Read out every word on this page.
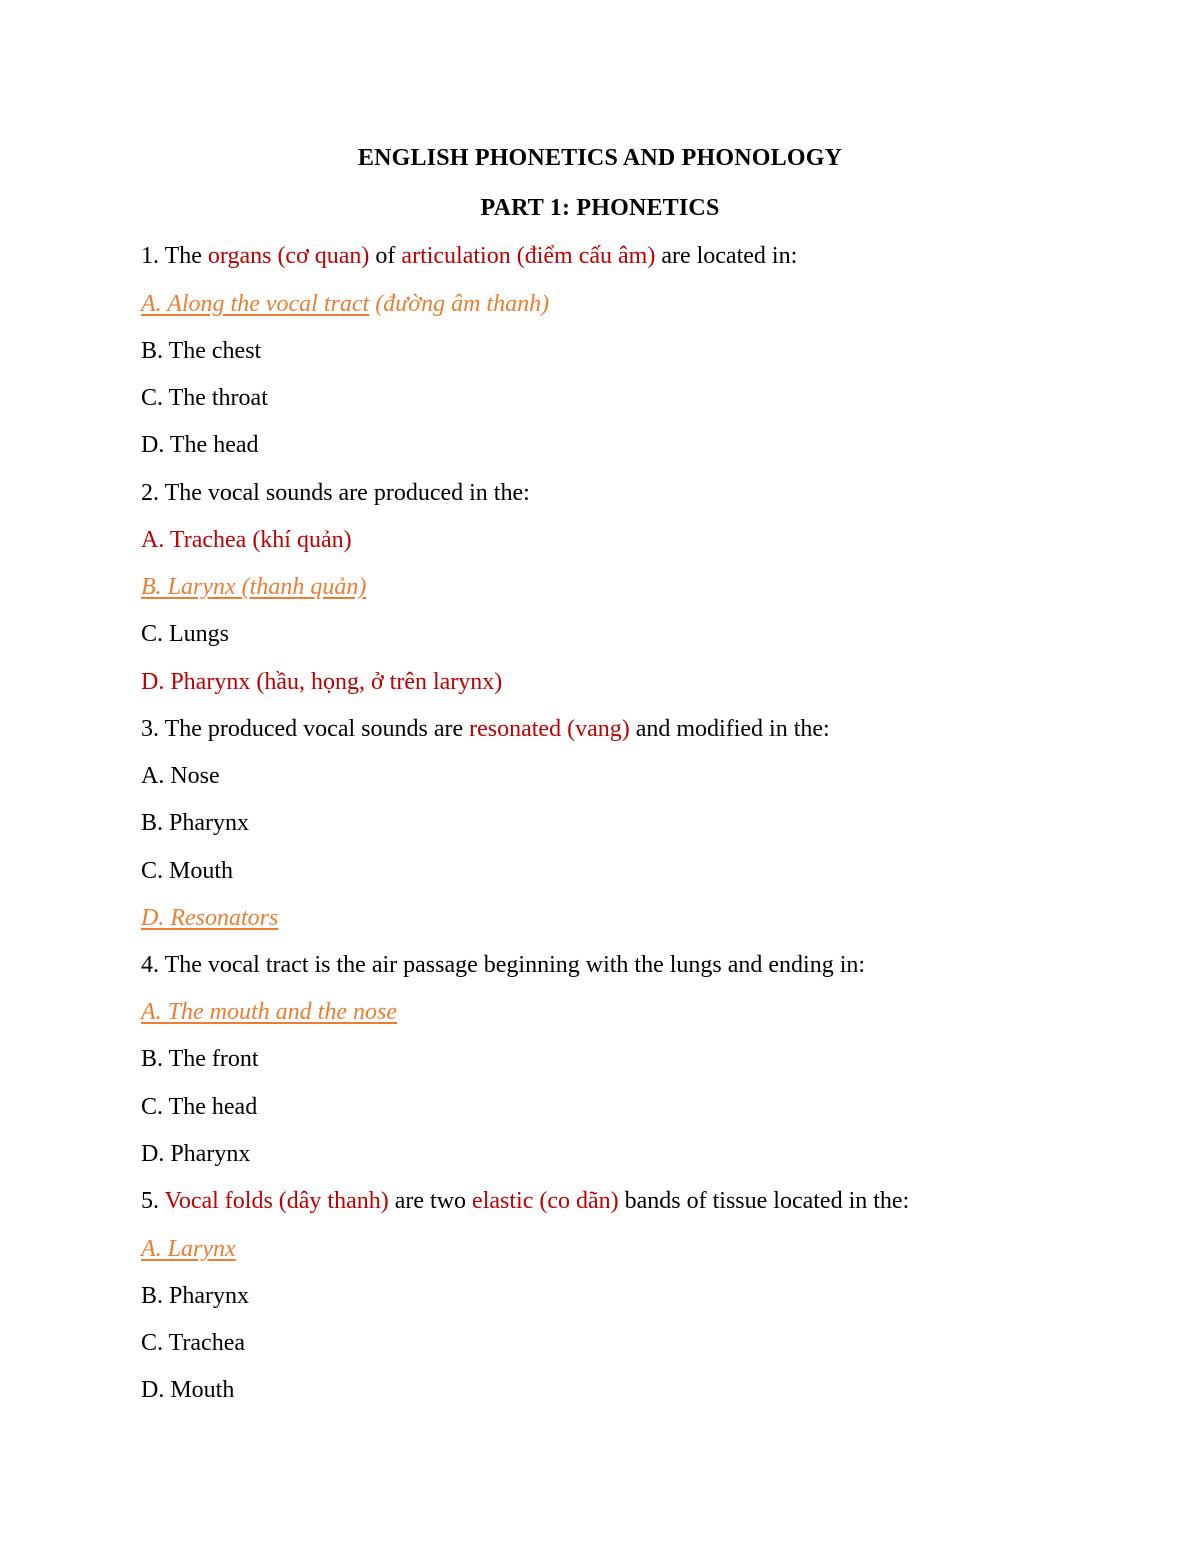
ENGLISH PHONETICS AND PHONOLOGY
PART 1: PHONETICS
1. The organs (cơ quan) of articulation (điểm cấu âm) are located in:
A. Along the vocal tract (đường âm thanh)
B. The chest
C. The throat
D. The head
2. The vocal sounds are produced in the:
A. Trachea (khí quản)
B. Larynx (thanh quản)
C. Lungs
D. Pharynx (hầu, họng, ở trên larynx)
3. The produced vocal sounds are resonated (vang) and modified in the:
A. Nose
B. Pharynx
C. Mouth
D. Resonators
4. The vocal tract is the air passage beginning with the lungs and ending in:
A. The mouth and the nose
B. The front
C. The head
D. Pharynx
5. Vocal folds (dây thanh) are two elastic (co dãn) bands of tissue located in the:
A. Larynx
B. Pharynx
C. Trachea
D. Mouth
